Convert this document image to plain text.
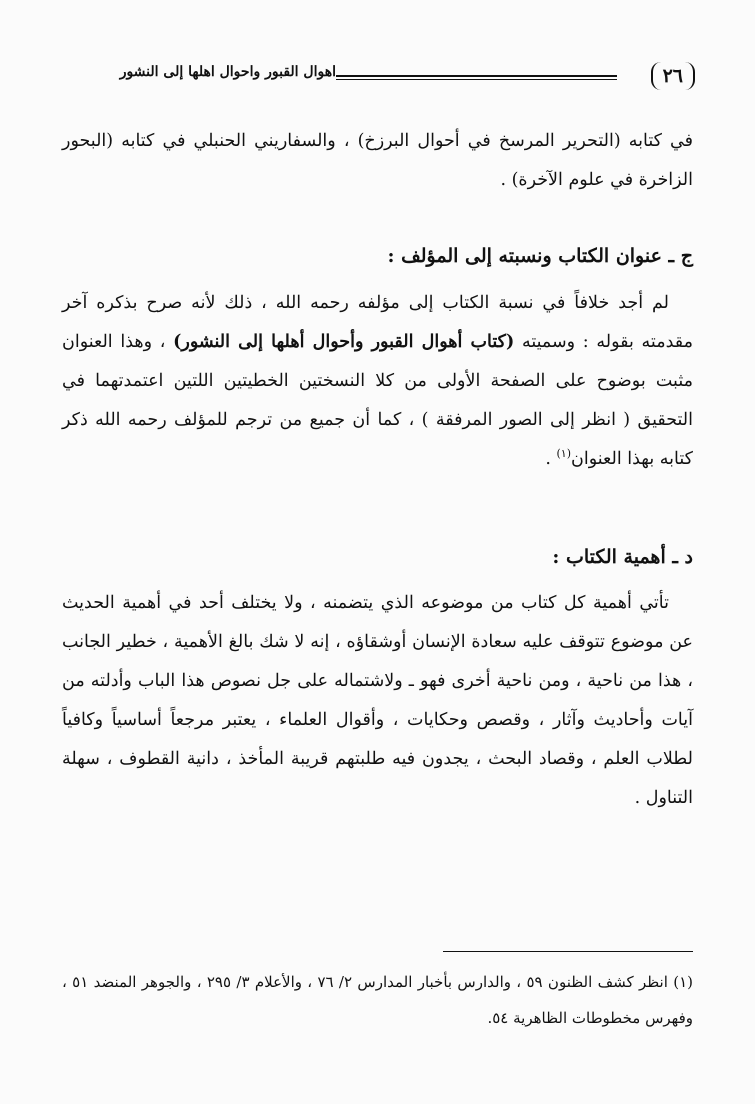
٢٦
اهوال القبور واحوال اهلها إلى النشور

في كتابه (التحرير المرسخ في أحوال البرزخ) ، والسفاريني الحنبلي في كتابه (البحور الزاخرة في علوم الآخرة) .

ج ـ عنوان الكتاب ونسبته إلى المؤلف :

لم أجد خلافاً في نسبة الكتاب إلى مؤلفه رحمه الله ، ذلك لأنه صرح بذكره آخر مقدمته بقوله : وسميته (كتاب أهوال القبور وأحوال أهلها إلى النشور) ، وهذا العنوان مثبت بوضوح على الصفحة الأولى من كلا النسختين الخطيتين اللتين اعتمدتهما في التحقيق ( انظر إلى الصور المرفقة ) ، كما أن جميع من ترجم للمؤلف رحمه الله ذكر كتابه بهذا العنوان$^{(١)}$ .

د ـ أهمية الكتاب :

تأتي أهمية كل كتاب من موضوعه الذي يتضمنه ، ولا يختلف أحد في أهمية الحديث عن موضوع تتوقف عليه سعادة الإنسان أوشقاؤه ، إنه لا شك بالغ الأهمية ، خطير الجانب ، هذا من ناحية ، ومن ناحية أخرى فهو ـ ولاشتماله على جل نصوص هذا الباب وأدلته من آيات وأحاديث وآثار ، وقصص وحكايات ، وأقوال العلماء ، يعتبر مرجعاً أساسياً وكافياً لطلاب العلم ، وقصاد البحث ، يجدون فيه طلبتهم قريبة المأخذ ، دانية القطوف ، سهلة التناول .

(١) انظر كشف الظنون ٥٩ ، والدارس بأخبار المدارس ٢/ ٧٦ ، والأعلام ٣/ ٢٩٥ ، والجوهر المنضد ٥١ ، وفهرس مخطوطات الظاهرية ٥٤.
